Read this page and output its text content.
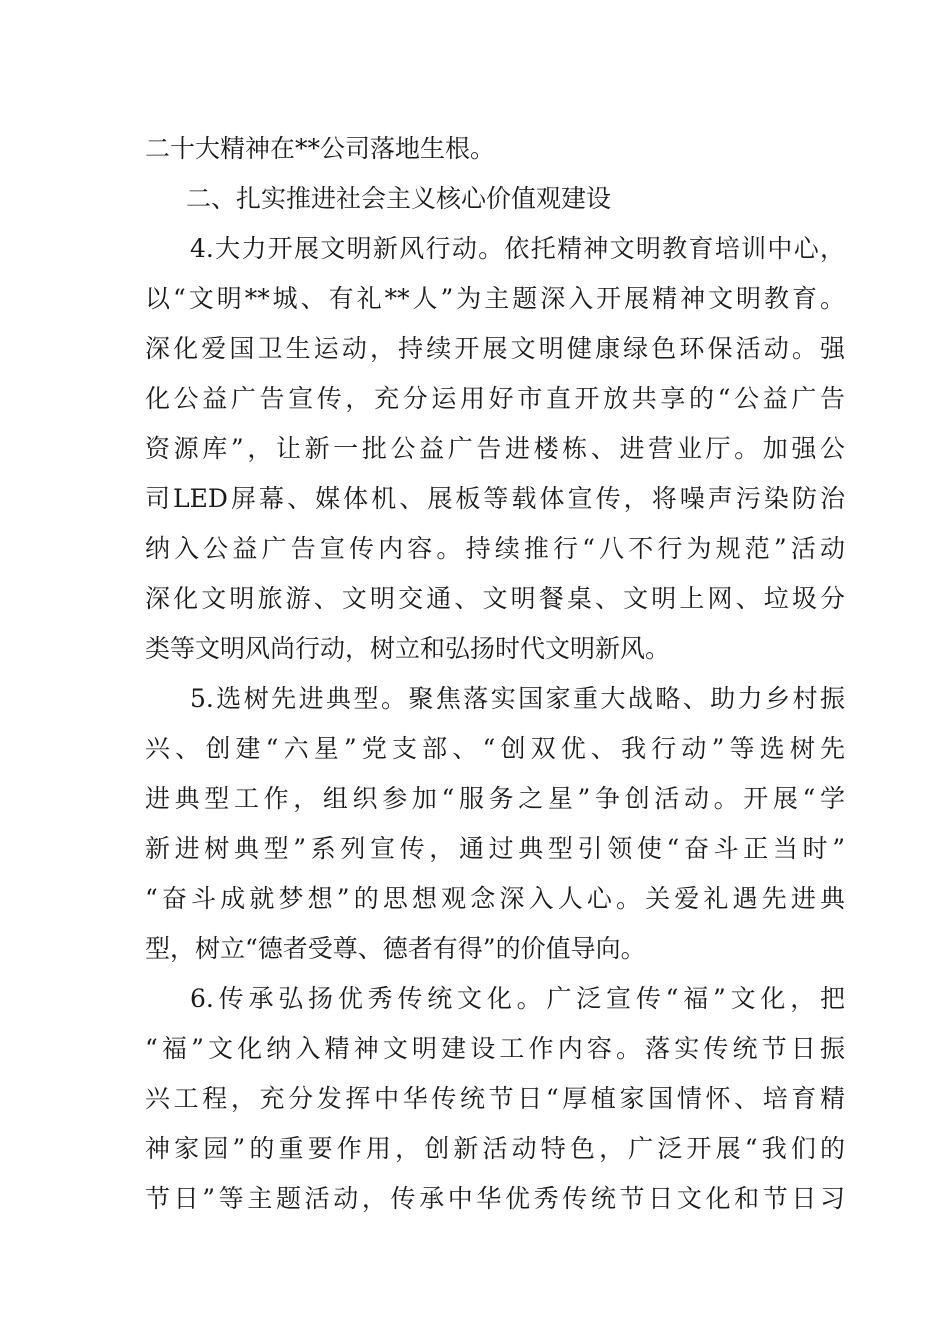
二十大精神在**公司落地生根。
二、扎实推进社会主义核心价值观建设
4.大力开展文明新风行动。依托精神文明教育培训中心，
以“文明**城、有礼**人”为主题深入开展精神文明教育。
深化爱国卫生运动，持续开展文明健康绿色环保活动。强
化公益广告宣传，充分运用好市直开放共享的“公益广告
资源库”，让新一批公益广告进楼栋、进营业厅。加强公
司LED屏幕、媒体机、展板等载体宣传，将噪声污染防治
纳入公益广告宣传内容。持续推行“八不行为规范”活动
深化文明旅游、文明交通、文明餐桌、文明上网、垃圾分
类等文明风尚行动，树立和弘扬时代文明新风。
5.选树先进典型。聚焦落实国家重大战略、助力乡村振
兴、创建“六星”党支部、“创双优、我行动”等选树先
进典型工作，组织参加“服务之星”争创活动。开展“学
新进树典型”系列宣传，通过典型引领使“奋斗正当时”
“奋斗成就梦想”的思想观念深入人心。关爱礼遇先进典
型，树立“德者受尊、德者有得”的价值导向。
6.传承弘扬优秀传统文化。广泛宣传“福”文化，把
“福”文化纳入精神文明建设工作内容。落实传统节日振
兴工程，充分发挥中华传统节日“厚植家国情怀、培育精
神家园”的重要作用，创新活动特色，广泛开展“我们的
节日”等主题活动，传承中华优秀传统节日文化和节日习
